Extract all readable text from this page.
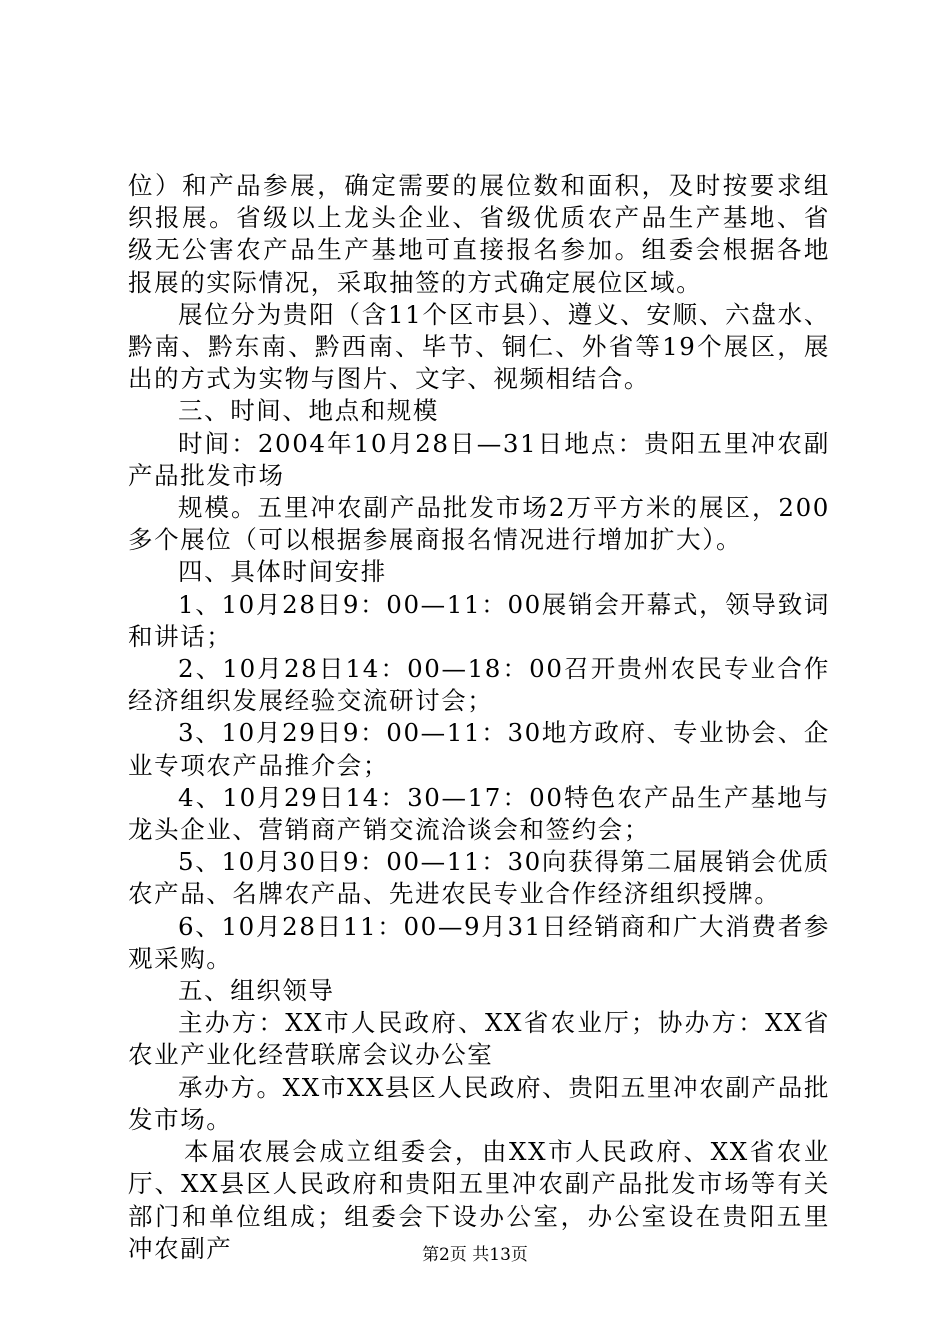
位）和产品参展，确定需要的展位数和面积，及时按要求组织报展。省级以上龙头企业、省级优质农产品生产基地、省级无公害农产品生产基地可直接报名参加。组委会根据各地报展的实际情况，采取抽签的方式确定展位区域。

展位分为贵阳（含11个区市县）、遵义、安顺、六盘水、黔南、黔东南、黔西南、毕节、铜仁、外省等19个展区，展出的方式为实物与图片、文字、视频相结合。

三、时间、地点和规模

时间：2004年10月28日—31日地点：贵阳五里冲农副产品批发市场

规模。五里冲农副产品批发市场2万平方米的展区，200多个展位（可以根据参展商报名情况进行增加扩大）。

四、具体时间安排

1、10月28日9：00—11：00展销会开幕式，领导致词和讲话；

2、10月28日14：00—18：00召开贵州农民专业合作经济组织发展经验交流研讨会；

3、10月29日9：00—11：30地方政府、专业协会、企业专项农产品推介会；

4、10月29日14：30—17：00特色农产品生产基地与龙头企业、营销商产销交流洽谈会和签约会；

5、10月30日9：00—11：30向获得第二届展销会优质农产品、名牌农产品、先进农民专业合作经济组织授牌。

6、10月28日11：00—9月31日经销商和广大消费者参观采购。

五、组织领导

主办方：XX市人民政府、XX省农业厅；协办方：XX省农业产业化经营联席会议办公室

承办方。XX市XX县区人民政府、贵阳五里冲农副产品批发市场。

本届农展会成立组委会，由XX市人民政府、XX省农业厅、XX县区人民政府和贵阳五里冲农副产品批发市场等有关部门和单位组成；组委会下设办公室，办公室设在贵阳五里冲农副产	第2页 共13页
